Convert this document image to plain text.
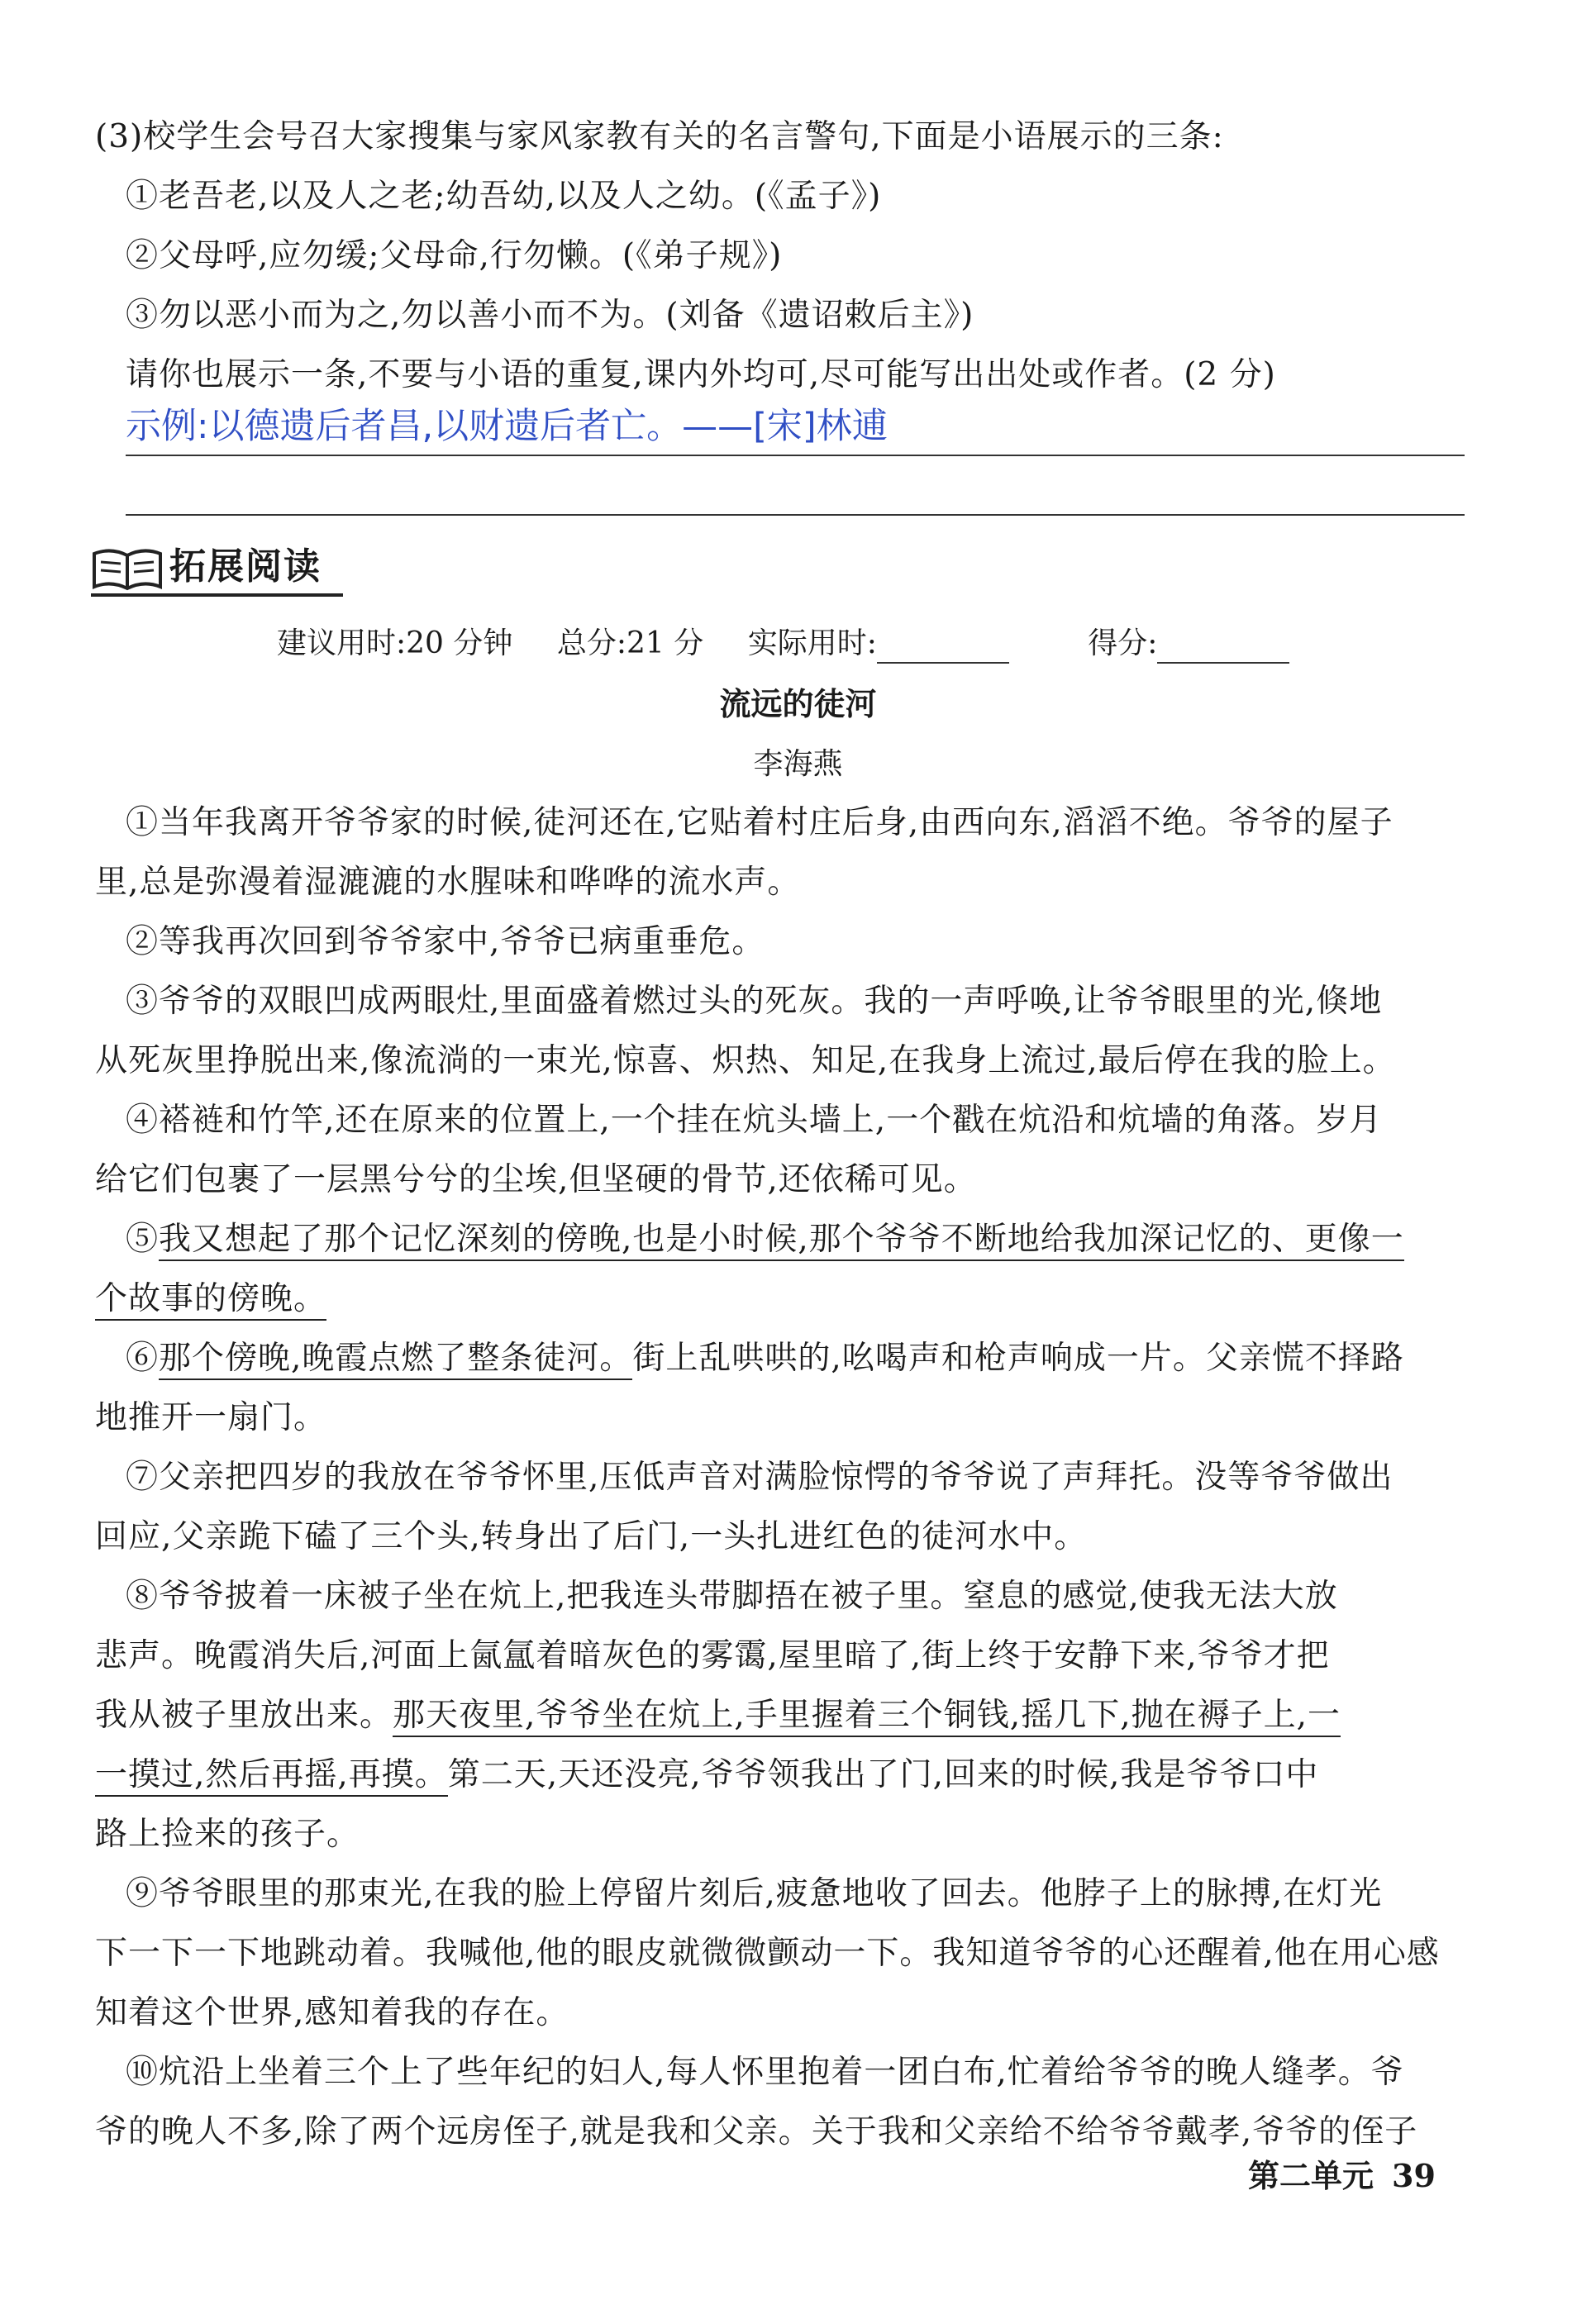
(3)校学生会号召大家搜集与家风家教有关的名言警句,下面是小语展示的三条:
①老吾老,以及人之老;幼吾幼,以及人之幼。(《孟子》)
②父母呼,应勿缓;父母命,行勿懒。(《弟子规》)
③勿以恶小而为之,勿以善小而不为。(刘备《遗诏敕后主》)
请你也展示一条,不要与小语的重复,课内外均可,尽可能写出出处或作者。(2 分)
示例:以德遗后者昌,以财遗后者亡。——[宋]林逋
拓展阅读
建议用时:20 分钟 总分:21 分 实际用时:	得分:
流远的徒河
李海燕
①当年我离开爷爷家的时候,徒河还在,它贴着村庄后身,由西向东,滔滔不绝。爷爷的屋子
里,总是弥漫着湿漉漉的水腥味和哗哗的流水声。
②等我再次回到爷爷家中,爷爷已病重垂危。
③爷爷的双眼凹成两眼灶,里面盛着燃过头的死灰。我的一声呼唤,让爷爷眼里的光,倏地
从死灰里挣脱出来,像流淌的一束光,惊喜、炽热、知足,在我身上流过,最后停在我的脸上。
④褡裢和竹竿,还在原来的位置上,一个挂在炕头墙上,一个戳在炕沿和炕墙的角落。岁月
给它们包裹了一层黑兮兮的尘埃,但坚硬的骨节,还依稀可见。
⑤我又想起了那个记忆深刻的傍晚,也是小时候,那个爷爷不断地给我加深记忆的、更像一
个故事的傍晚。
⑥那个傍晚,晚霞点燃了整条徒河。街上乱哄哄的,吆喝声和枪声响成一片。父亲慌不择路
地推开一扇门。
⑦父亲把四岁的我放在爷爷怀里,压低声音对满脸惊愕的爷爷说了声拜托。没等爷爷做出
回应,父亲跪下磕了三个头,转身出了后门,一头扎进红色的徒河水中。
⑧爷爷披着一床被子坐在炕上,把我连头带脚捂在被子里。窒息的感觉,使我无法大放
悲声。晚霞消失后,河面上氤氲着暗灰色的雾霭,屋里暗了,街上终于安静下来,爷爷才把
我从被子里放出来。那天夜里,爷爷坐在炕上,手里握着三个铜钱,摇几下,抛在褥子上,一
一摸过,然后再摇,再摸。第二天,天还没亮,爷爷领我出了门,回来的时候,我是爷爷口中
路上捡来的孩子。
⑨爷爷眼里的那束光,在我的脸上停留片刻后,疲惫地收了回去。他脖子上的脉搏,在灯光
下一下一下地跳动着。我喊他,他的眼皮就微微颤动一下。我知道爷爷的心还醒着,他在用心感
知着这个世界,感知着我的存在。
⑩炕沿上坐着三个上了些年纪的妇人,每人怀里抱着一团白布,忙着给爷爷的晚人缝孝。爷
爷的晚人不多,除了两个远房侄子,就是我和父亲。关于我和父亲给不给爷爷戴孝,爷爷的侄子
第二单元 39
